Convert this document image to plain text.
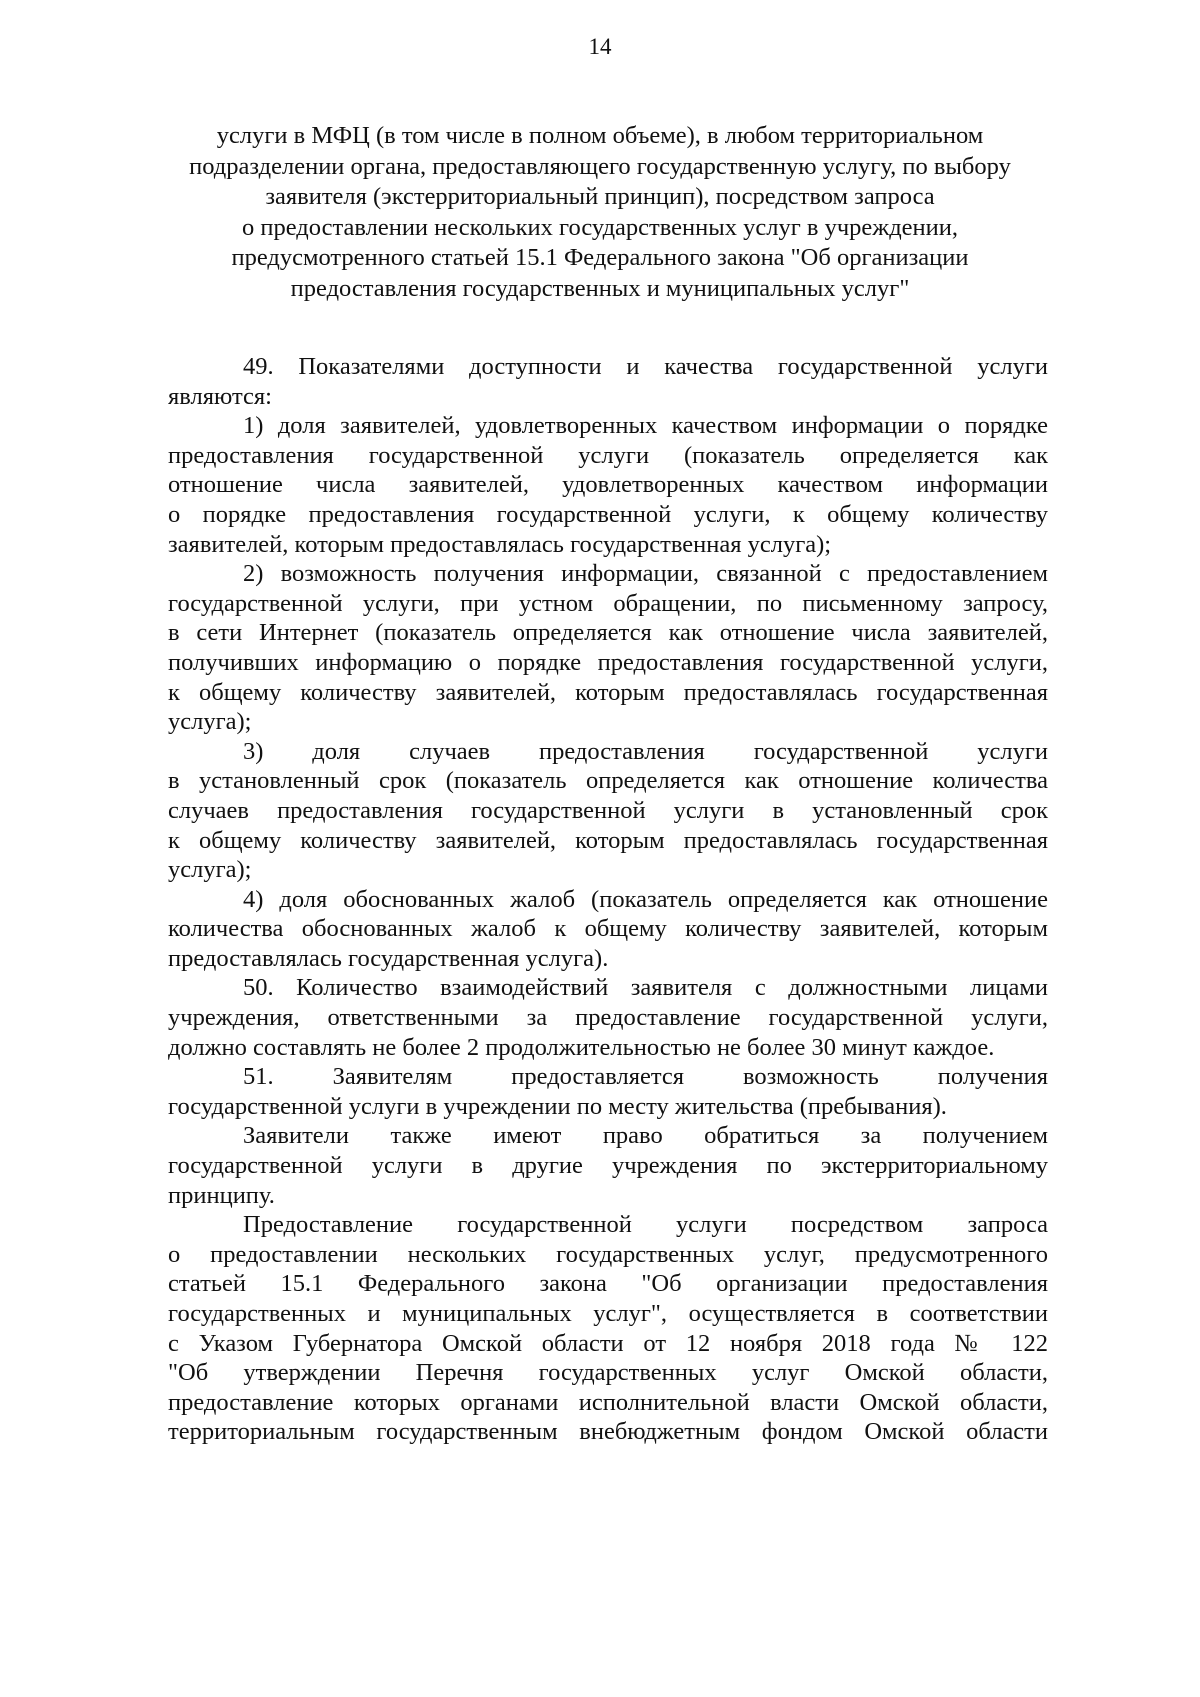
14
услуги в МФЦ (в том числе в полном объеме), в любом территориальном
подразделении органа, предоставляющего государственную услугу, по выбору
заявителя (экстерриториальный принцип), посредством запроса
о предоставлении нескольких государственных услуг в учреждении,
предусмотренного статьей 15.1 Федерального закона "Об организации
предоставления государственных и муниципальных услуг"
49. Показателями доступности и качества государственной услуги
являются:
1) доля заявителей, удовлетворенных качеством информации о порядке
предоставления государственной услуги (показатель определяется как
отношение числа заявителей, удовлетворенных качеством информации
о порядке предоставления государственной услуги, к общему количеству
заявителей, которым предоставлялась государственная услуга);
2) возможность получения информации, связанной с предоставлением
государственной услуги, при устном обращении, по письменному запросу,
в сети Интернет (показатель определяется как отношение числа заявителей,
получивших информацию о порядке предоставления государственной услуги,
к общему количеству заявителей, которым предоставлялась государственная
услуга);
3) доля случаев предоставления государственной услуги
в установленный срок (показатель определяется как отношение количества
случаев предоставления государственной услуги в установленный срок
к общему количеству заявителей, которым предоставлялась государственная
услуга);
4) доля обоснованных жалоб (показатель определяется как отношение
количества обоснованных жалоб к общему количеству заявителей, которым
предоставлялась государственная услуга).
50. Количество взаимодействий заявителя с должностными лицами
учреждения, ответственными за предоставление государственной услуги,
должно составлять не более 2 продолжительностью не более 30 минут каждое.
51. Заявителям предоставляется возможность получения
государственной услуги в учреждении по месту жительства (пребывания).
Заявители также имеют право обратиться за получением
государственной услуги в другие учреждения по экстерриториальному
принципу.
Предоставление государственной услуги посредством запроса
о предоставлении нескольких государственных услуг, предусмотренного
статьей 15.1 Федерального закона "Об организации предоставления
государственных и муниципальных услуг", осуществляется в соответствии
с Указом Губернатора Омской области от 12 ноября 2018 года № 122
"Об утверждении Перечня государственных услуг Омской области,
предоставление которых органами исполнительной власти Омской области,
территориальным государственным внебюджетным фондом Омской области
